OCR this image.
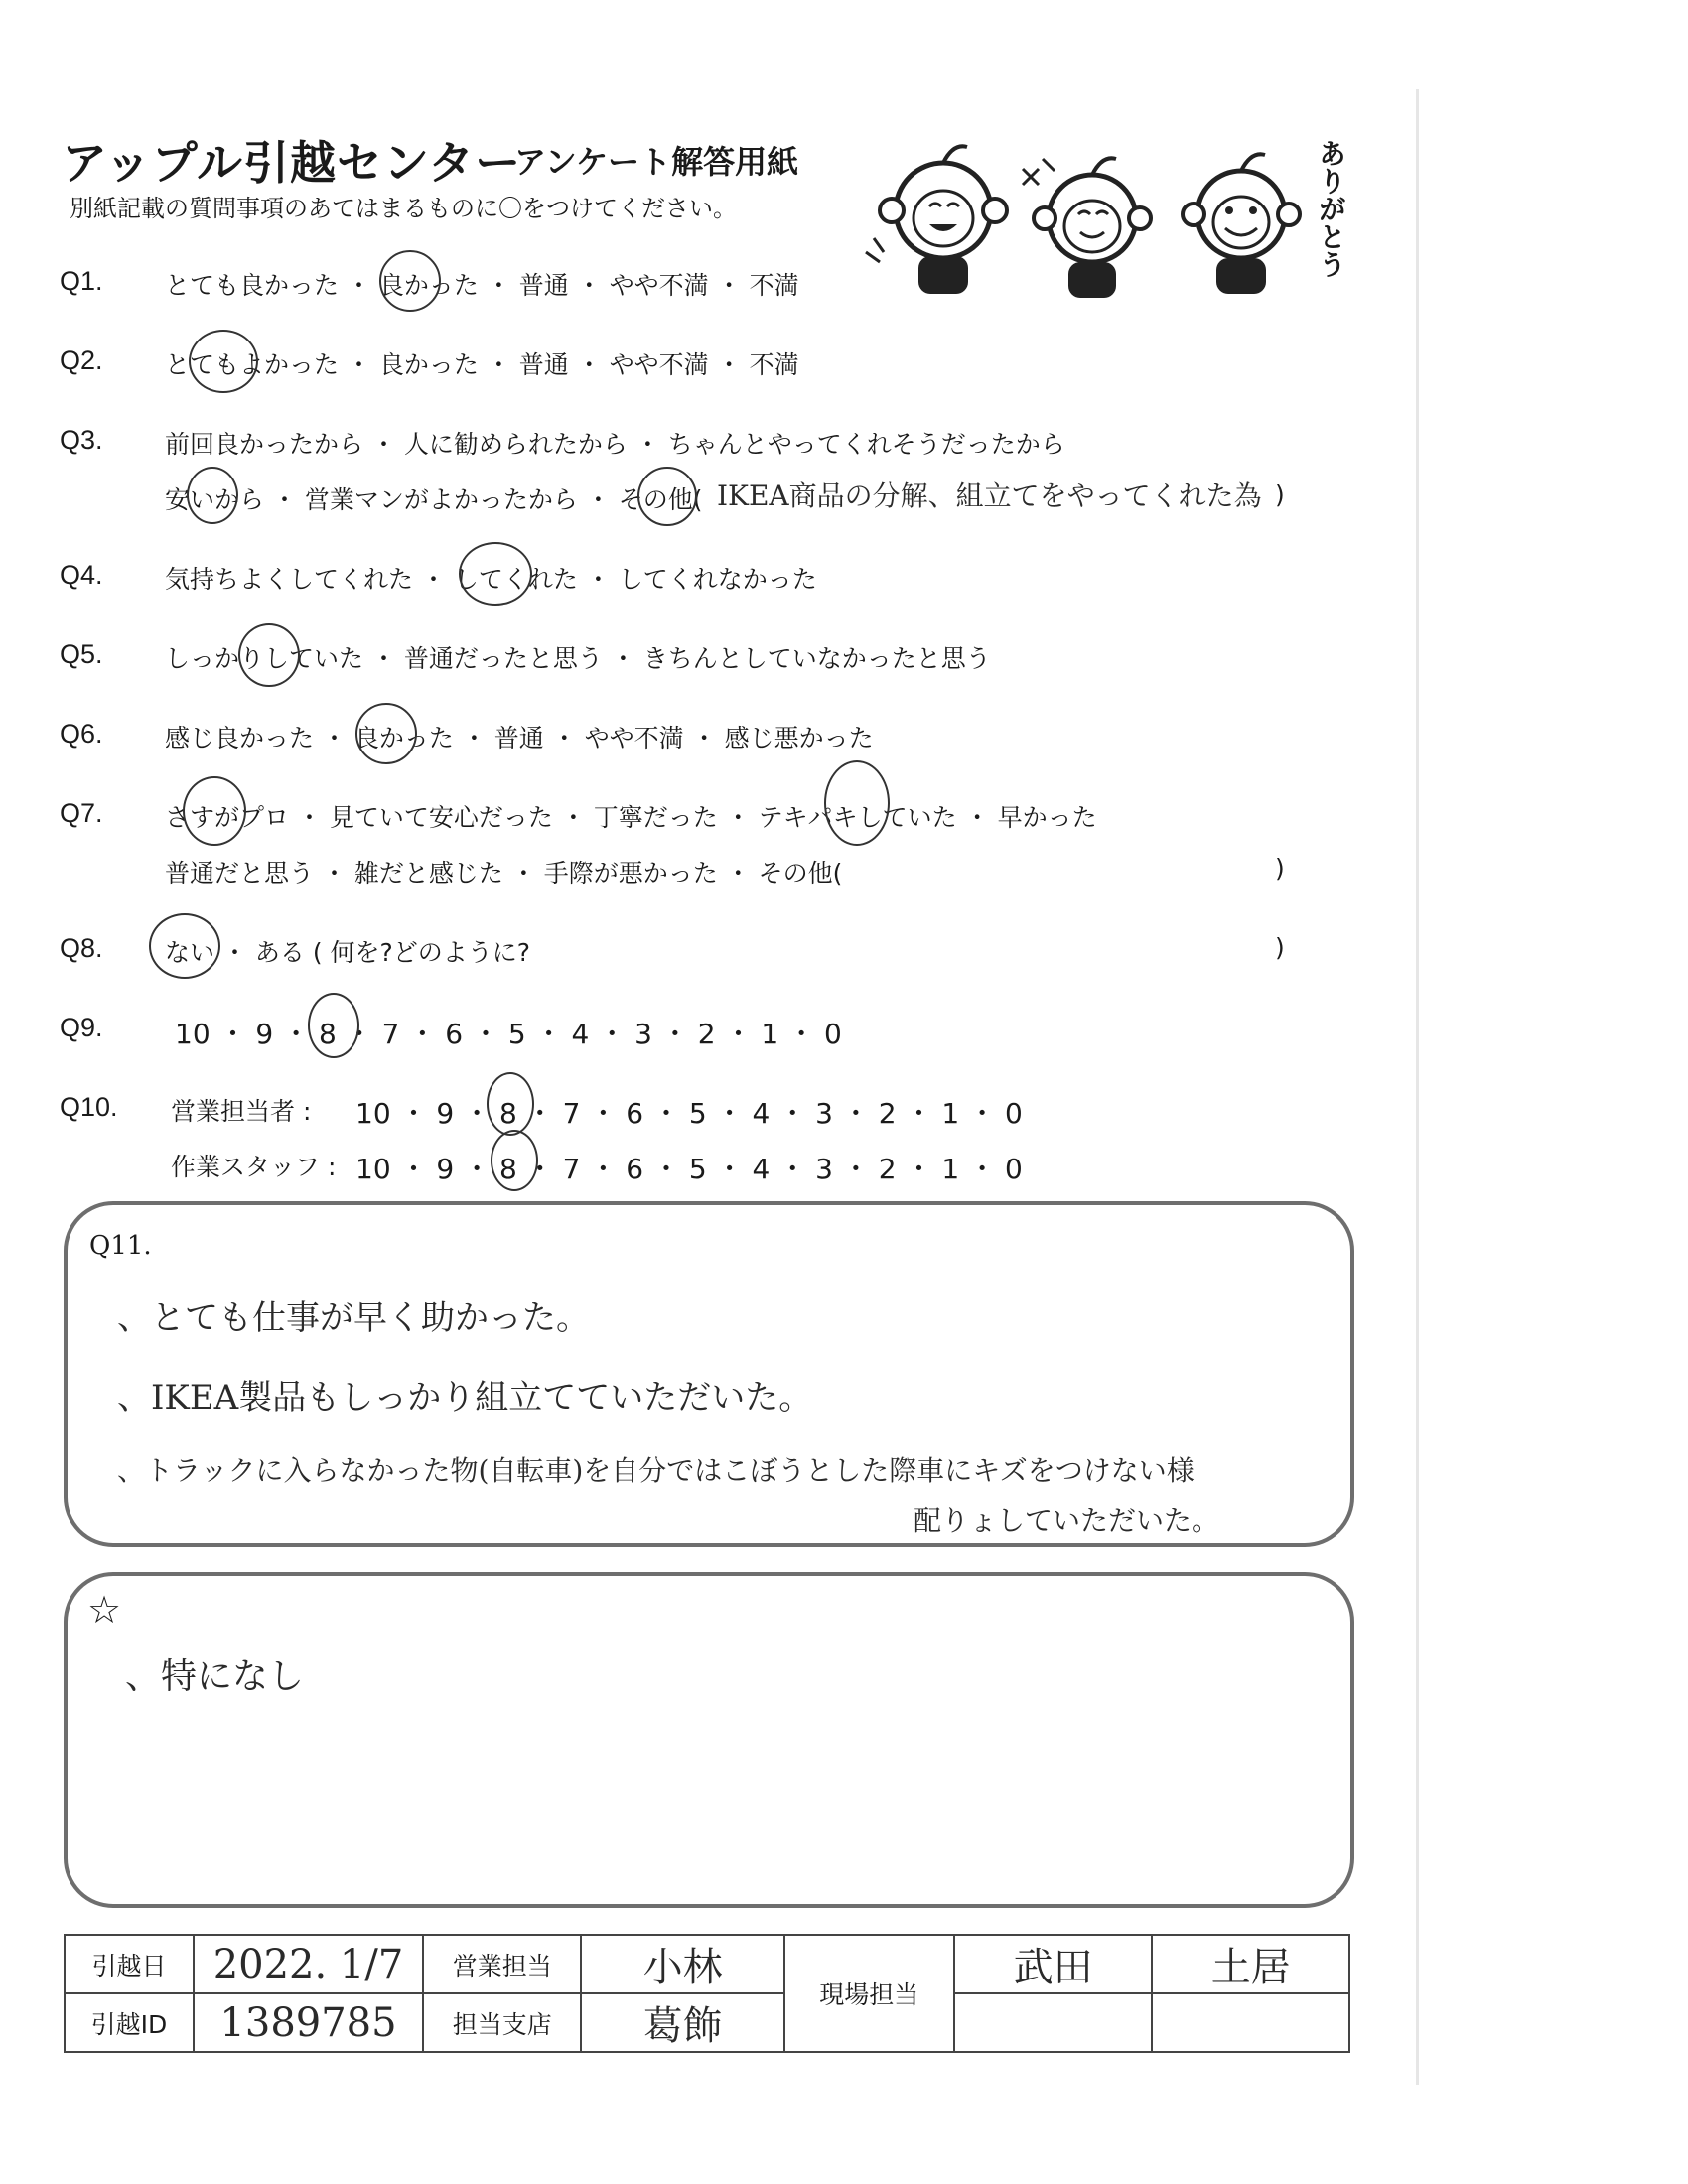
アップル引越センター
アンケート解答用紙
別紙記載の質問事項のあてはまるものに〇をつけてください。	ありがとう
Q1. とても良かった ・ 良かった ・ 普通 ・ やや不満 ・ 不満
Q2. とてもよかった ・ 良かった ・ 普通 ・ やや不満 ・ 不満
Q3. 前回良かったから ・ 人に勧められたから ・ ちゃんとやってくれそうだったから
安いから ・ 営業マンがよかったから ・ その他( IKEA商品の分解、組立てをやってくれた為 )
Q4. 気持ちよくしてくれた ・ してくれた ・ してくれなかった
Q5. しっかりしていた ・ 普通だったと思う ・ きちんとしていなかったと思う
Q6. 感じ良かった ・ 良かった ・ 普通 ・ やや不満 ・ 感じ悪かった
Q7. さすがプロ ・ 見ていて安心だった ・ 丁寧だった ・ テキパキしていた ・ 早かった
普通だと思う ・ 雑だと感じた ・ 手際が悪かった ・ その他(	)
Q8. ない ・ ある ( 何を?どのように?	)
Q9.	10 ・ 9 ・ 8 ・ 7 ・ 6 ・ 5 ・ 4 ・ 3 ・ 2 ・ 1 ・ 0
Q10. 営業担当者 : 10 ・ 9 ・ 8 ・ 7 ・ 6 ・ 5 ・ 4 ・ 3 ・ 2 ・ 1 ・ 0
作業スタッフ : 10 ・ 9 ・ 8 ・ 7 ・ 6 ・ 5 ・ 4 ・ 3 ・ 2 ・ 1 ・ 0
Q11.
、とても仕事が早く助かった。
、IKEA製品もしっかり組立てていただいた。
、トラックに入らなかった物(自転車)を自分ではこぼうとした際車にキズをつけない様
配りょしていただいた。
☆
、特になし
引越日	2022. 1/7	営業担当	小林	現場担当	武田	土居
引越ID	1389785	担当支店	葛飾			
